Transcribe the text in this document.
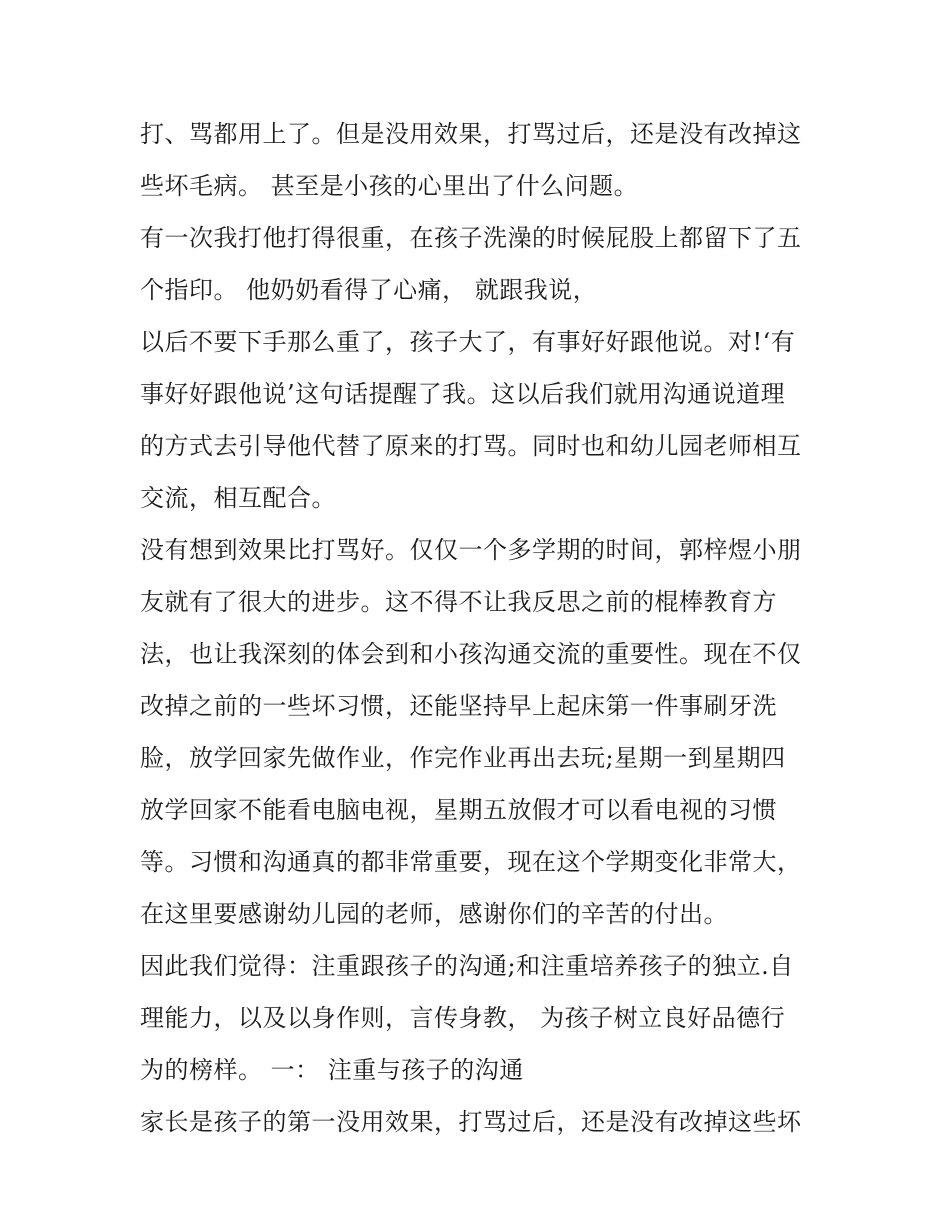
打、骂都用上了。但是没用效果，打骂过后，还是没有改掉这
些坏毛病。 甚至是小孩的心里出了什么问题。
有一次我打他打得很重，在孩子洗澡的时候屁股上都留下了五
个指印。 他奶奶看得了心痛， 就跟我说，
以后不要下手那么重了，孩子大了，有事好好跟他说。对!‘有
事好好跟他说’这句话提醒了我。这以后我们就用沟通说道理
的方式去引导他代替了原来的打骂。同时也和幼儿园老师相互
交流，相互配合。
没有想到效果比打骂好。仅仅一个多学期的时间，郭梓煜小朋
友就有了很大的进步。这不得不让我反思之前的棍棒教育方
法，也让我深刻的体会到和小孩沟通交流的重要性。现在不仅
改掉之前的一些坏习惯，还能坚持早上起床第一件事刷牙洗
脸，放学回家先做作业，作完作业再出去玩;星期一到星期四
放学回家不能看电脑电视，星期五放假才可以看电视的习惯
等。习惯和沟通真的都非常重要，现在这个学期变化非常大，
在这里要感谢幼儿园的老师，感谢你们的辛苦的付出。
因此我们觉得：注重跟孩子的沟通;和注重培养孩子的独立.自
理能力，以及以身作则，言传身教， 为孩子树立良好品德行
为的榜样。 一： 注重与孩子的沟通
家长是孩子的第一没用效果，打骂过后，还是没有改掉这些坏
